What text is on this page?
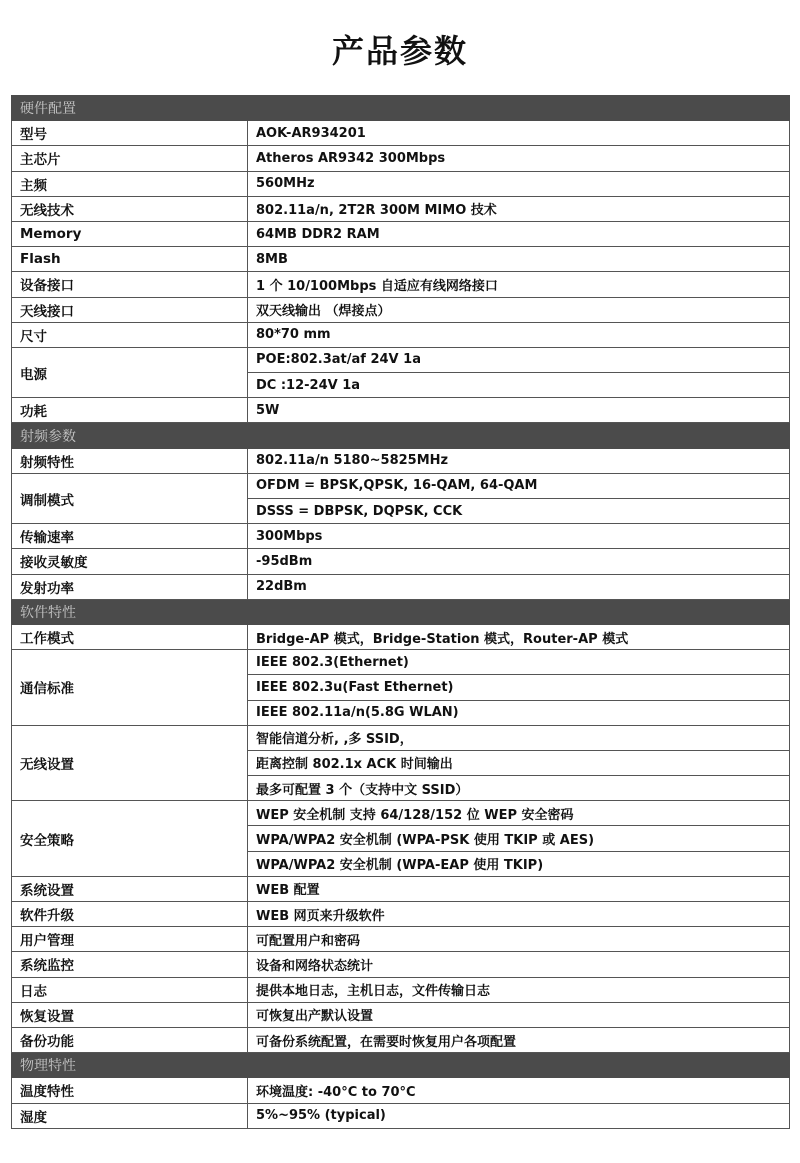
产品参数
硬件配置	
型号	AOK-AR934201
主芯片	Atheros AR9342 300Mbps
主频	560MHz
无线技术	802.11a/n, 2T2R 300M MIMO 技术
Memory	64MB DDR2 RAM
Flash	8MB
设备接口	1 个 10/100Mbps 自适应有线网络接口
天线接口	双天线输出 （焊接点）
尺寸	80*70 mm
电源	POE:802.3at/af 24V 1a
	DC :12-24V 1a
功耗	5W
射频参数	
射频特性	802.11a/n 5180~5825MHz
调制模式	OFDM = BPSK,QPSK, 16-QAM, 64-QAM
	DSSS = DBPSK, DQPSK, CCK
传输速率	300Mbps
接收灵敏度	-95dBm
发射功率	22dBm
软件特性	
工作模式	Bridge-AP 模式，Bridge-Station 模式，Router-AP 模式
通信标准	IEEE 802.3(Ethernet)
	IEEE 802.3u(Fast Ethernet)
	IEEE 802.11a/n(5.8G WLAN)
无线设置	智能信道分析, ,多 SSID，
	距离控制 802.1x ACK 时间输出
	最多可配置 3 个（支持中文 SSID）
安全策略	WEP 安全机制 支持 64/128/152 位 WEP 安全密码
	WPA/WPA2 安全机制 (WPA-PSK 使用 TKIP 或 AES)
	WPA/WPA2 安全机制 (WPA-EAP 使用 TKIP)
系统设置	WEB 配置
软件升级	WEB 网页来升级软件
用户管理	可配置用户和密码
系统监控	设备和网络状态统计
日志	提供本地日志，主机日志，文件传输日志
恢复设置	可恢复出产默认设置
备份功能	可备份系统配置，在需要时恢复用户各项配置
物理特性	
温度特性	环境温度: -40°C to 70°C
湿度	5%~95% (typical)
